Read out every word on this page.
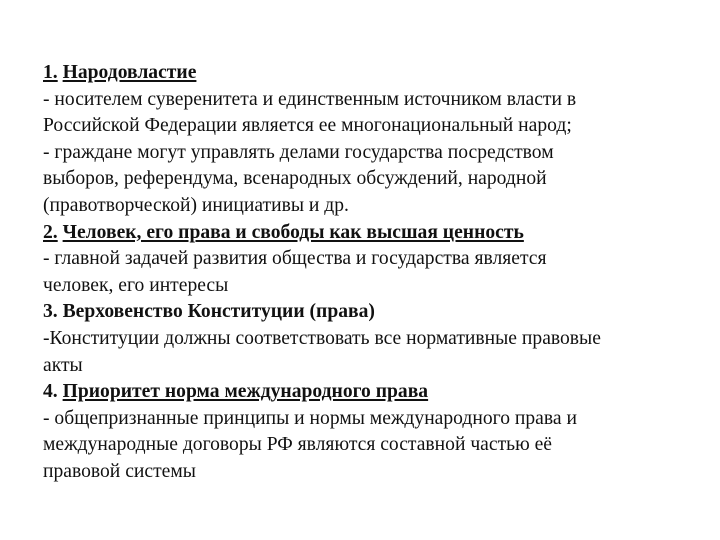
1. Народовластие
- носителем суверенитета и единственным источником власти в
Российской Федерации является ее многонациональный народ;
- граждане могут управлять делами государства посредством
выборов, референдума, всенародных обсуждений, народной
(правотворческой) инициативы и др.
2. Человек, его права и свободы как высшая ценность
- главной задачей развития общества и государства является
человек, его интересы
3. Верховенство Конституции (права)
-Конституции должны соответствовать все нормативные правовые
акты
4. Приоритет норма международного права
- общепризнанные принципы и нормы международного права и
международные договоры РФ являются составной частью её
правовой системы
